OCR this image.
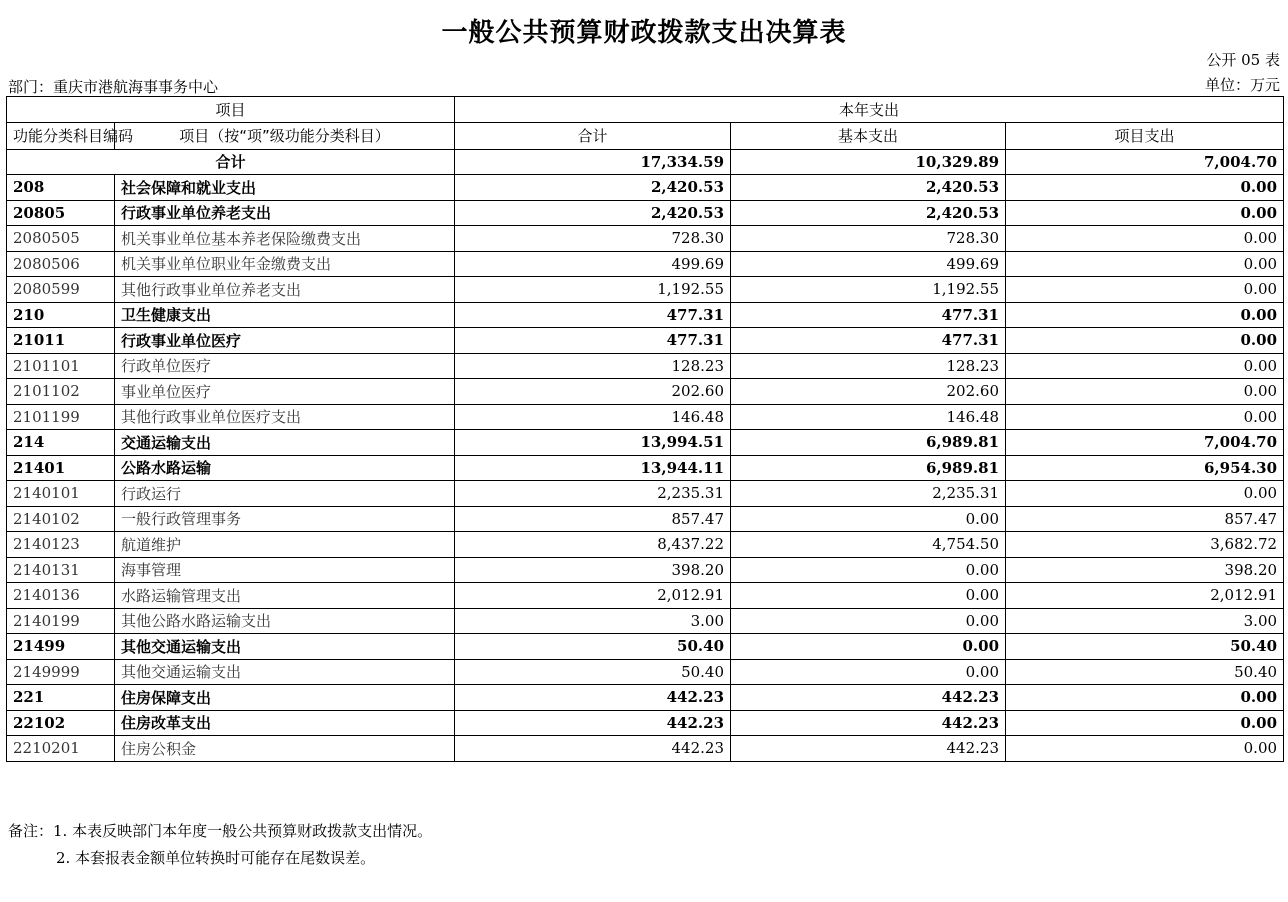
一般公共预算财政拨款支出决算表
公开 05 表
部门：重庆市港航海事事务中心	单位：万元
项目		本年支出		
功能分类科目编码	项目（按“项”级功能分类科目）	合计	基本支出	项目支出
合计		17,334.59	10,329.89	7,004.70
208	社会保障和就业支出	2,420.53	2,420.53	0.00
20805	行政事业单位养老支出	2,420.53	2,420.53	0.00
2080505	机关事业单位基本养老保险缴费支出	728.30	728.30	0.00
2080506	机关事业单位职业年金缴费支出	499.69	499.69	0.00
2080599	其他行政事业单位养老支出	1,192.55	1,192.55	0.00
210	卫生健康支出	477.31	477.31	0.00
21011	行政事业单位医疗	477.31	477.31	0.00
2101101	行政单位医疗	128.23	128.23	0.00
2101102	事业单位医疗	202.60	202.60	0.00
2101199	其他行政事业单位医疗支出	146.48	146.48	0.00
214	交通运输支出	13,994.51	6,989.81	7,004.70
21401	公路水路运输	13,944.11	6,989.81	6,954.30
2140101	行政运行	2,235.31	2,235.31	0.00
2140102	一般行政管理事务	857.47	0.00	857.47
2140123	航道维护	8,437.22	4,754.50	3,682.72
2140131	海事管理	398.20	0.00	398.20
2140136	水路运输管理支出	2,012.91	0.00	2,012.91
2140199	其他公路水路运输支出	3.00	0.00	3.00
21499	其他交通运输支出	50.40	0.00	50.40
2149999	其他交通运输支出	50.40	0.00	50.40
221	住房保障支出	442.23	442.23	0.00
22102	住房改革支出	442.23	442.23	0.00
2210201	住房公积金	442.23	442.23	0.00
备注：1. 本表反映部门本年度一般公共预算财政拨款支出情况。
2. 本套报表金额单位转换时可能存在尾数误差。
